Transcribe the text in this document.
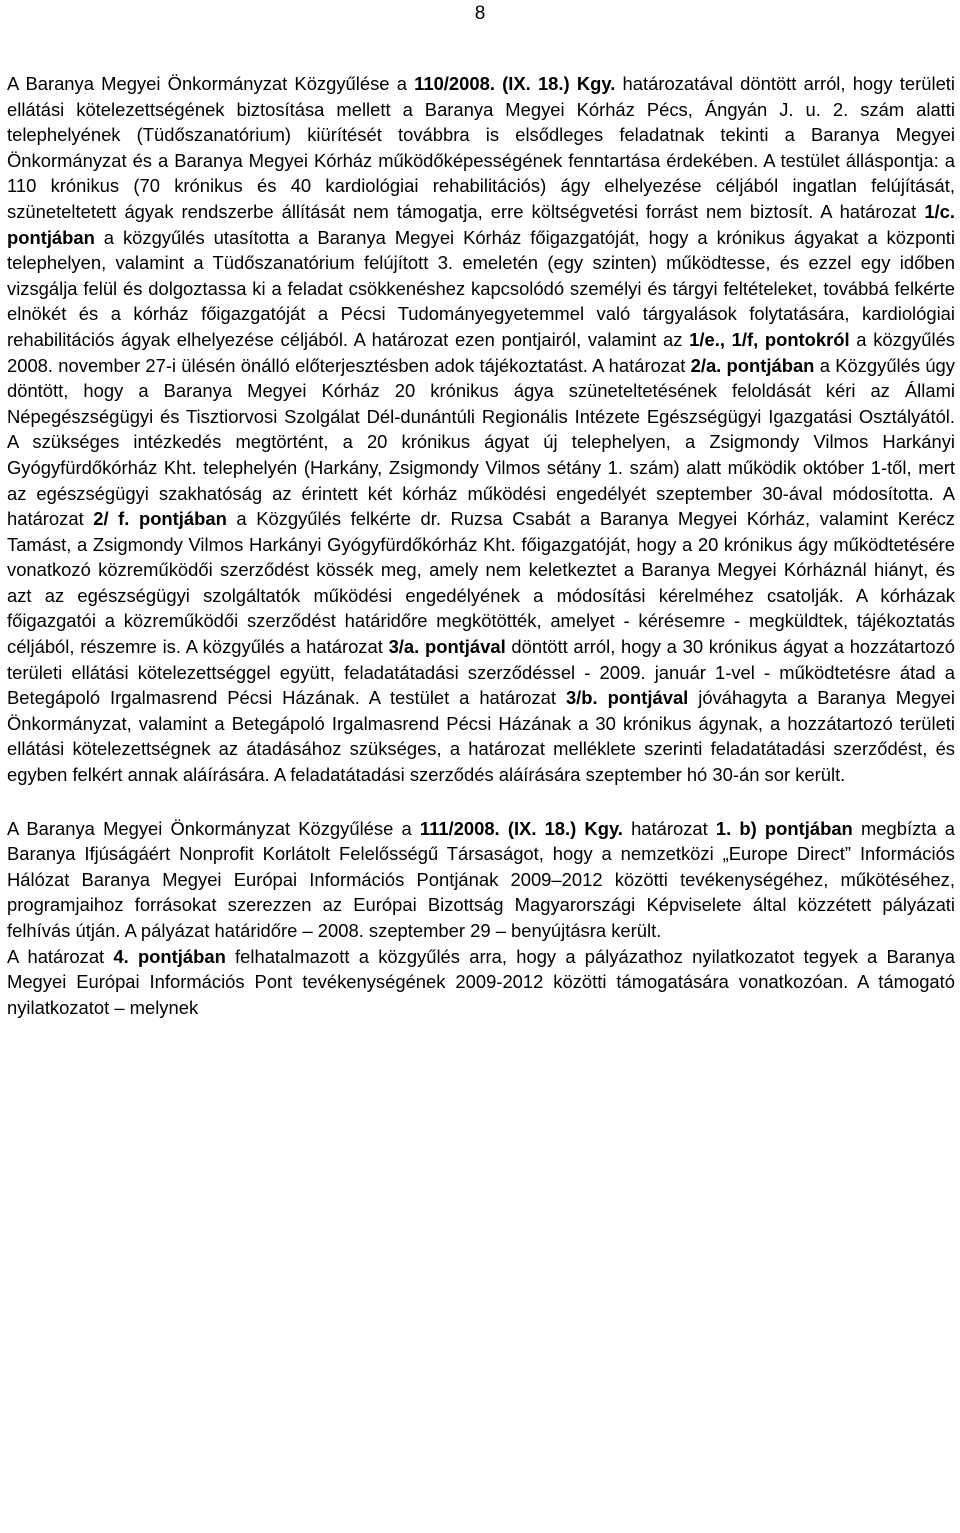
8

A Baranya Megyei Önkormányzat Közgyűlése a 110/2008. (IX. 18.) Kgy. határozatával döntött arról, hogy területi ellátási kötelezettségének biztosítása mellett a Baranya Megyei Kórház Pécs, Ángyán J. u. 2. szám alatti telephelyének (Tüdőszanatórium) kiürítését továbbra is elsődleges feladatnak tekinti a Baranya Megyei Önkormányzat és a Baranya Megyei Kórház működőképességének fenntartása érdekében. A testület álláspontja: a 110 krónikus (70 krónikus és 40 kardiológiai rehabilitációs) ágy elhelyezése céljából ingatlan felújítását, szüneteltetett ágyak rendszerbe állítását nem támogatja, erre költségvetési forrást nem biztosít. A határozat 1/c. pontjában a közgyűlés utasította a Baranya Megyei Kórház főigazgatóját, hogy a krónikus ágyakat a központi telephelyen, valamint a Tüdőszanatórium felújított 3. emeletén (egy szinten) működtesse, és ezzel egy időben vizsgálja felül és dolgoztassa ki a feladat csökkenéshez kapcsolódó személyi és tárgyi feltételeket, továbbá felkérte elnökét és a kórház főigazgatóját a Pécsi Tudományegyetemmel való tárgyalások folytatására, kardiológiai rehabilitációs ágyak elhelyezése céljából. A határozat ezen pontjairól, valamint az 1/e., 1/f, pontokról a közgyűlés 2008. november 27-i ülésén önálló előterjesztésben adok tájékoztatást. A határozat 2/a. pontjában a Közgyűlés úgy döntött, hogy a Baranya Megyei Kórház 20 krónikus ágya szüneteltetésének feloldását kéri az Állami Népegészségügyi és Tisztiorvosi Szolgálat Dél-dunántúli Regionális Intézete Egészségügyi Igazgatási Osztályától. A szükséges intézkedés megtörtént, a 20 krónikus ágyat új telephelyen, a Zsigmondy Vilmos Harkányi Gyógyfürdőkórház Kht. telephelyén (Harkány, Zsigmondy Vilmos sétány 1. szám) alatt működik október 1-től, mert az egészségügyi szakhatóság az érintett két kórház működési engedélyét szeptember 30-ával módosította. A határozat 2/ f. pontjában a Közgyűlés felkérte dr. Ruzsa Csabát a Baranya Megyei Kórház, valamint Kerécz Tamást, a Zsigmondy Vilmos Harkányi Gyógyfürdőkórház Kht. főigazgatóját, hogy a 20 krónikus ágy működtetésére vonatkozó közreműködői szerződést kössék meg, amely nem keletkeztet a Baranya Megyei Kórháznál hiányt, és azt az egészségügyi szolgáltatók működési engedélyének a módosítási kérelméhez csatolják. A kórházak főigazgatói a közreműködői szerződést határidőre megkötötték, amelyet - kérésemre - megküldtek, tájékoztatás céljából, részemre is. A közgyűlés a határozat 3/a. pontjával döntött arról, hogy a 30 krónikus ágyat a hozzátartozó területi ellátási kötelezettséggel együtt, feladatátadási szerződéssel - 2009. január 1-vel - működtetésre átad a Betegápoló Irgalmasrend Pécsi Házának. A testület a határozat 3/b. pontjával jóváhagyta a Baranya Megyei Önkormányzat, valamint a Betegápoló Irgalmasrend Pécsi Házának a 30 krónikus ágynak, a hozzátartozó területi ellátási kötelezettségnek az átadásához szükséges, a határozat melléklete szerinti feladatátadási szerződést, és egyben felkért annak aláírására. A feladatátadási szerződés aláírására szeptember hó 30-án sor került.

A Baranya Megyei Önkormányzat Közgyűlése a 111/2008. (IX. 18.) Kgy. határozat 1. b) pontjában megbízta a Baranya Ifjúságáért Nonprofit Korlátolt Felelősségű Társaságot, hogy a nemzetközi „Europe Direct” Információs Hálózat Baranya Megyei Európai Információs Pontjának 2009–2012 közötti tevékenységéhez, műkötéséhez, programjaihoz forrásokat szerezzen az Európai Bizottság Magyarországi Képviselete által közzétett pályázati felhívás útján. A pályázat határidőre – 2008. szeptember 29 – benyújtásra került.

A határozat 4. pontjában felhatalmazott a közgyűlés arra, hogy a pályázathoz nyilatkozatot tegyek a Baranya Megyei Európai Információs Pont tevékenységének 2009-2012 közötti támogatására vonatkozóan. A támogató nyilatkozatot – melynek
